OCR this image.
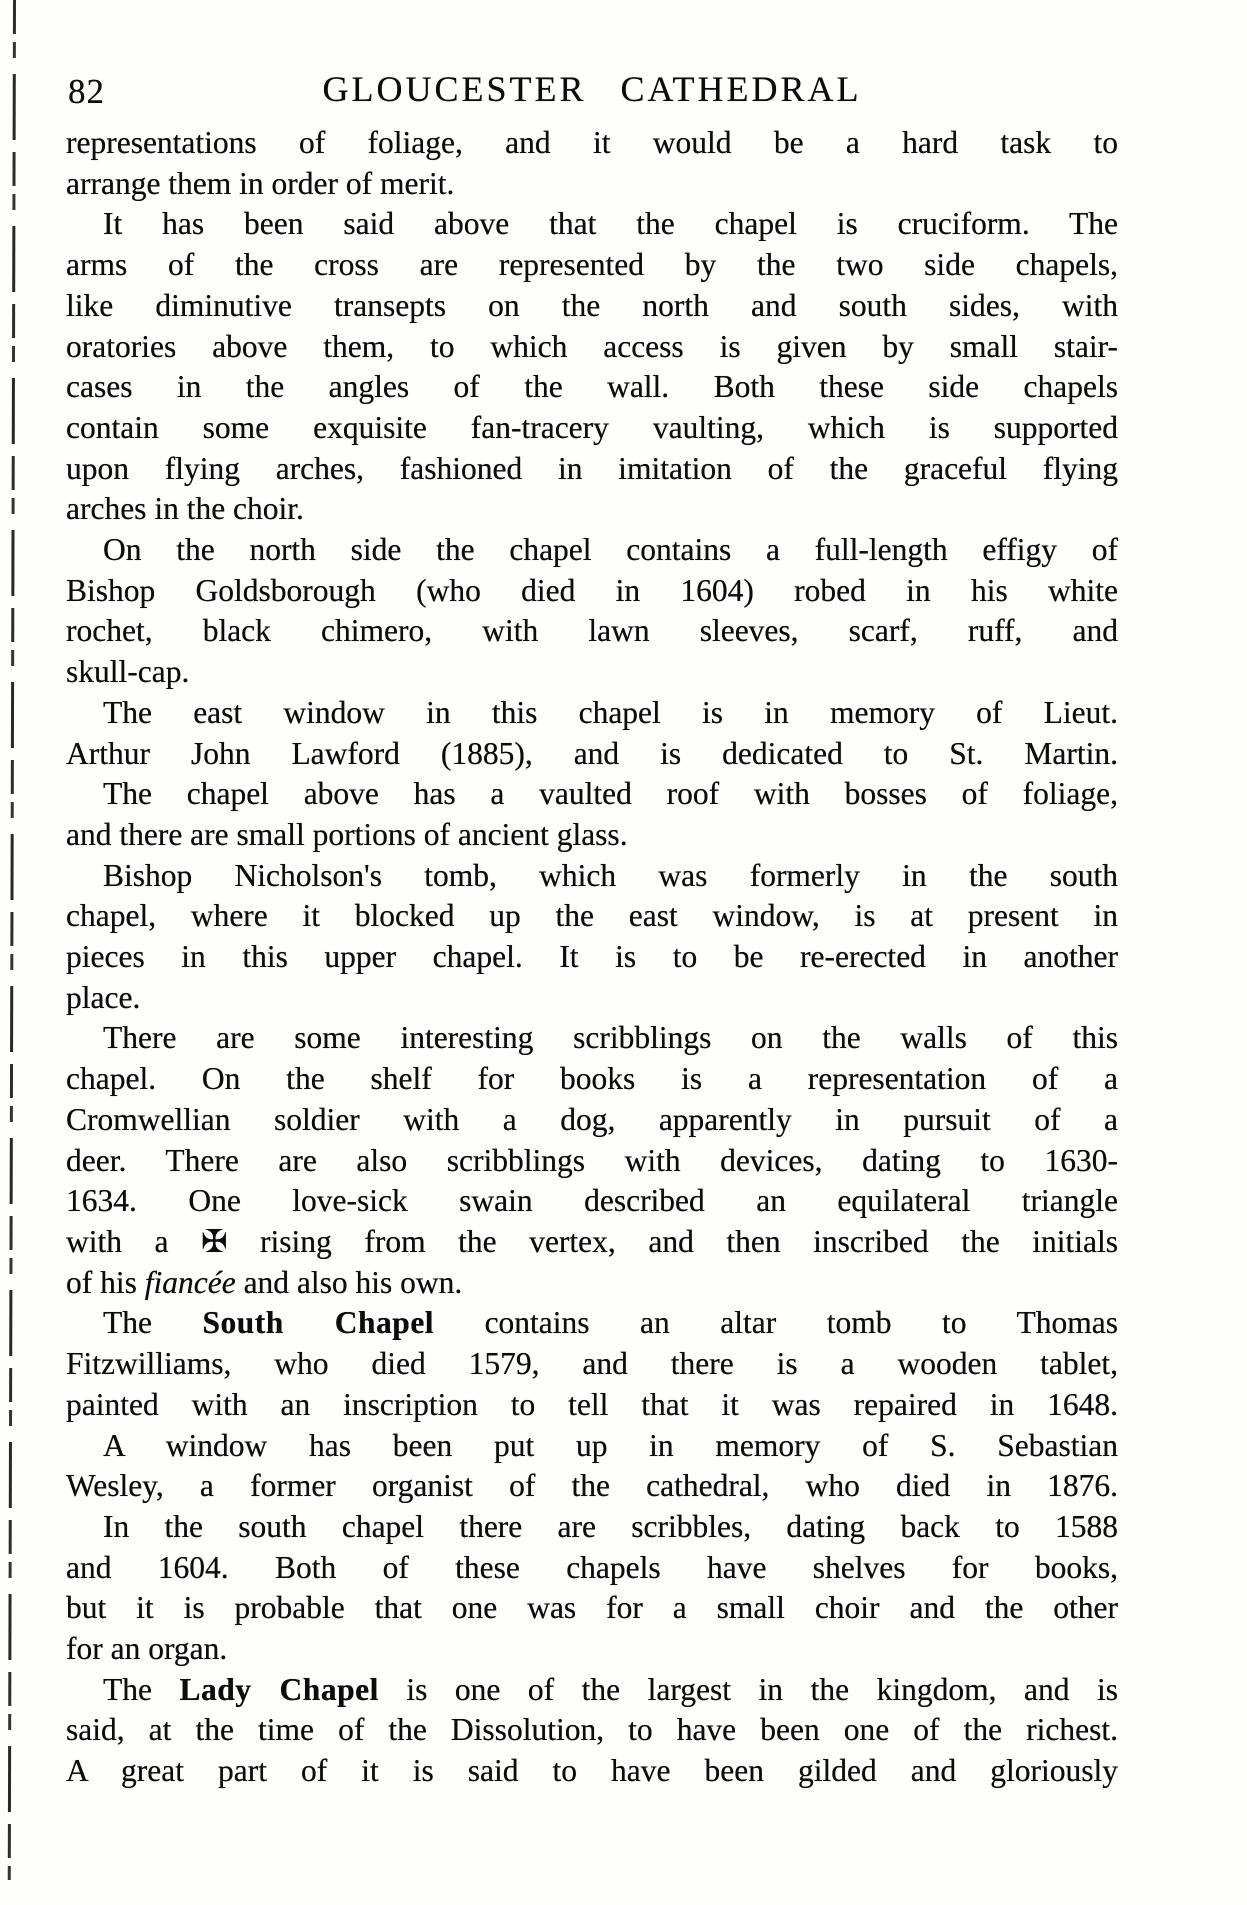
82	GLOUCESTER CATHEDRAL
representations of foliage, and it would be a hard task to
arrange them in order of merit.
It has been said above that the chapel is cruciform. The
arms of the cross are represented by the two side chapels,
like diminutive transepts on the north and south sides, with
oratories above them, to which access is given by small stair-
cases in the angles of the wall. Both these side chapels
contain some exquisite fan-tracery vaulting, which is supported
upon flying arches, fashioned in imitation of the graceful flying
arches in the choir.
On the north side the chapel contains a full-length effigy of
Bishop Goldsborough (who died in 1604) robed in his white
rochet, black chimero, with lawn sleeves, scarf, ruff, and
skull-cap.
The east window in this chapel is in memory of Lieut.
Arthur John Lawford (1885), and is dedicated to St. Martin.
The chapel above has a vaulted roof with bosses of foliage,
and there are small portions of ancient glass.
Bishop Nicholson's tomb, which was formerly in the south
chapel, where it blocked up the east window, is at present in
pieces in this upper chapel. It is to be re-erected in another
place.
There are some interesting scribblings on the walls of this
chapel. On the shelf for books is a representation of a
Cromwellian soldier with a dog, apparently in pursuit of a
deer. There are also scribblings with devices, dating to 1630-
1634. One love-sick swain described an equilateral triangle
with a ✠ rising from the vertex, and then inscribed the initials
of his fiancée and also his own.
The South Chapel contains an altar tomb to Thomas
Fitzwilliams, who died 1579, and there is a wooden tablet,
painted with an inscription to tell that it was repaired in 1648.
A window has been put up in memory of S. Sebastian
Wesley, a former organist of the cathedral, who died in 1876.
In the south chapel there are scribbles, dating back to 1588
and 1604. Both of these chapels have shelves for books,
but it is probable that one was for a small choir and the other
for an organ.
The Lady Chapel is one of the largest in the kingdom, and is
said, at the time of the Dissolution, to have been one of the richest.
A great part of it is said to have been gilded and gloriously
